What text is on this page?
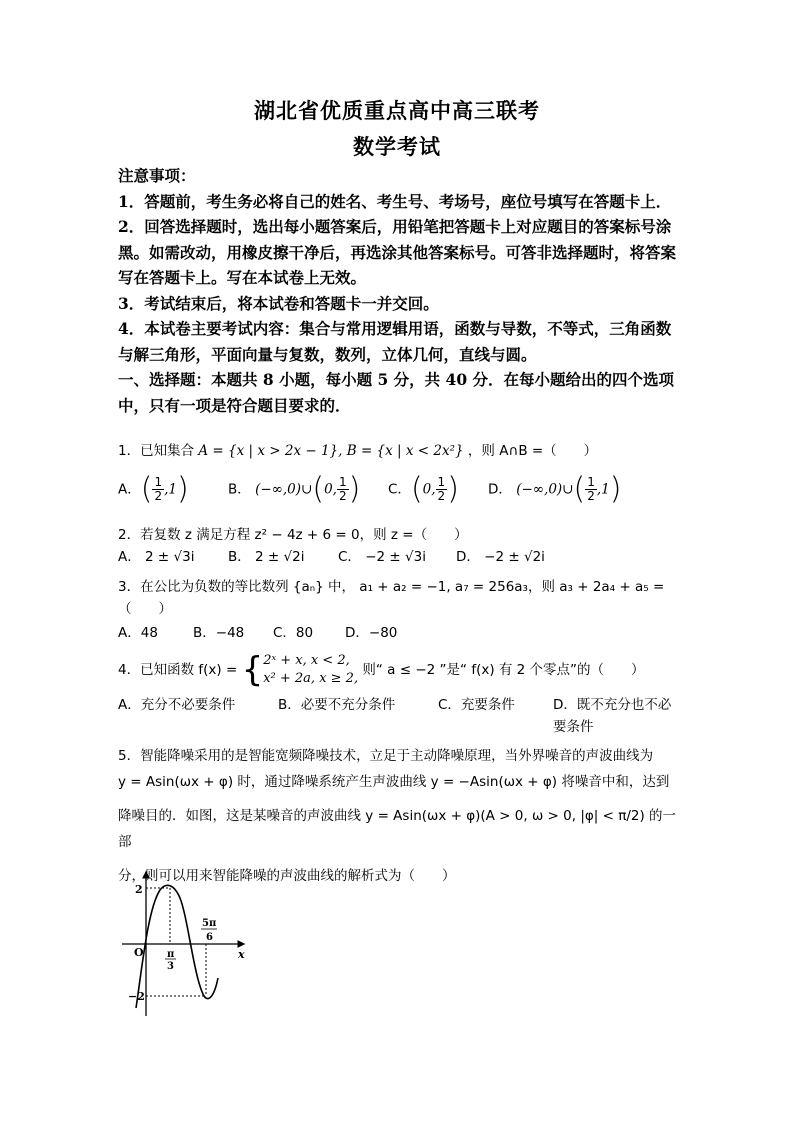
湖北省优质重点高中高三联考
数学考试

注意事项：

1．答题前，考生务必将自己的姓名、考生号、考场号，座位号填写在答题卡上．

2．回答选择题时，选出每小题答案后，用铅笔把答题卡上对应题目的答案标号涂黑。如需改动，用橡皮擦干净后，再选涂其他答案标号。可答非选择题时，将答案写在答题卡上。写在本试卷上无效。

3．考试结束后，将本试卷和答题卡一并交回。

4．本试卷主要考试内容：集合与常用逻辑用语，函数与导数，不等式，三角函数与解三角形，平面向量与复数，数列，立体几何，直线与圆。

一、选择题：本题共 8 小题，每小题 5 分，共 40 分．在每小题给出的四个选项中，只有一项是符合题目要求的．

1．已知集合 A = {x | x > 2x − 1}, B = {x | x < 2x²} ，则 A∩B =（　　）

A．( $\frac{1}{2} ,1$)	B． (−∞,0)∪(0, $\frac{1}{2}$ )	C．(0, $\frac{1}{2}$ )	D． (−∞,0)∪( $\frac{1}{2} ,1$)

2．若复数 z 满足方程 z² − 4z + 6 = 0，则 z =（　　）

A． 2 ± √3i	B． 2 ± √2i	C． −2 ± √3i	D． −2 ± √2i

3．在公比为负数的等比数列 {aₙ} 中， a₁ + a₂ = −1, a₇ = 256a₃，则 a₃ + 2a₄ + a₅ =

（　　）

A．48	B．−48	C．80	D．−80

4．已知函数 f(x) = { 2ˣ + x, x < 2,
x² + 2a, x ≥ 2,
则“ a ≤ −2 ”是“ f(x) 有 2 个零点”的（　　）

A．充分不必要条件	B．必要不充分条件	C．充要条件	D．既不充分也不必要条件

5．智能降噪采用的是智能宽频降噪技术，立足于主动降噪原理，当外界噪音的声波曲线为

y = Asin(ωx + φ) 时，通过降噪系统产生声波曲线 y = −Asin(ωx + φ) 将噪音中和，达到

降噪目的．如图，这是某噪音的声波曲线 y = Asin(ωx + φ)(A > 0, ω > 0, |φ| < π/2) 的一部

分，则可以用来智能降噪的声波曲线的解析式为（　　）

2
−2
O	x
π
3
5π
6
